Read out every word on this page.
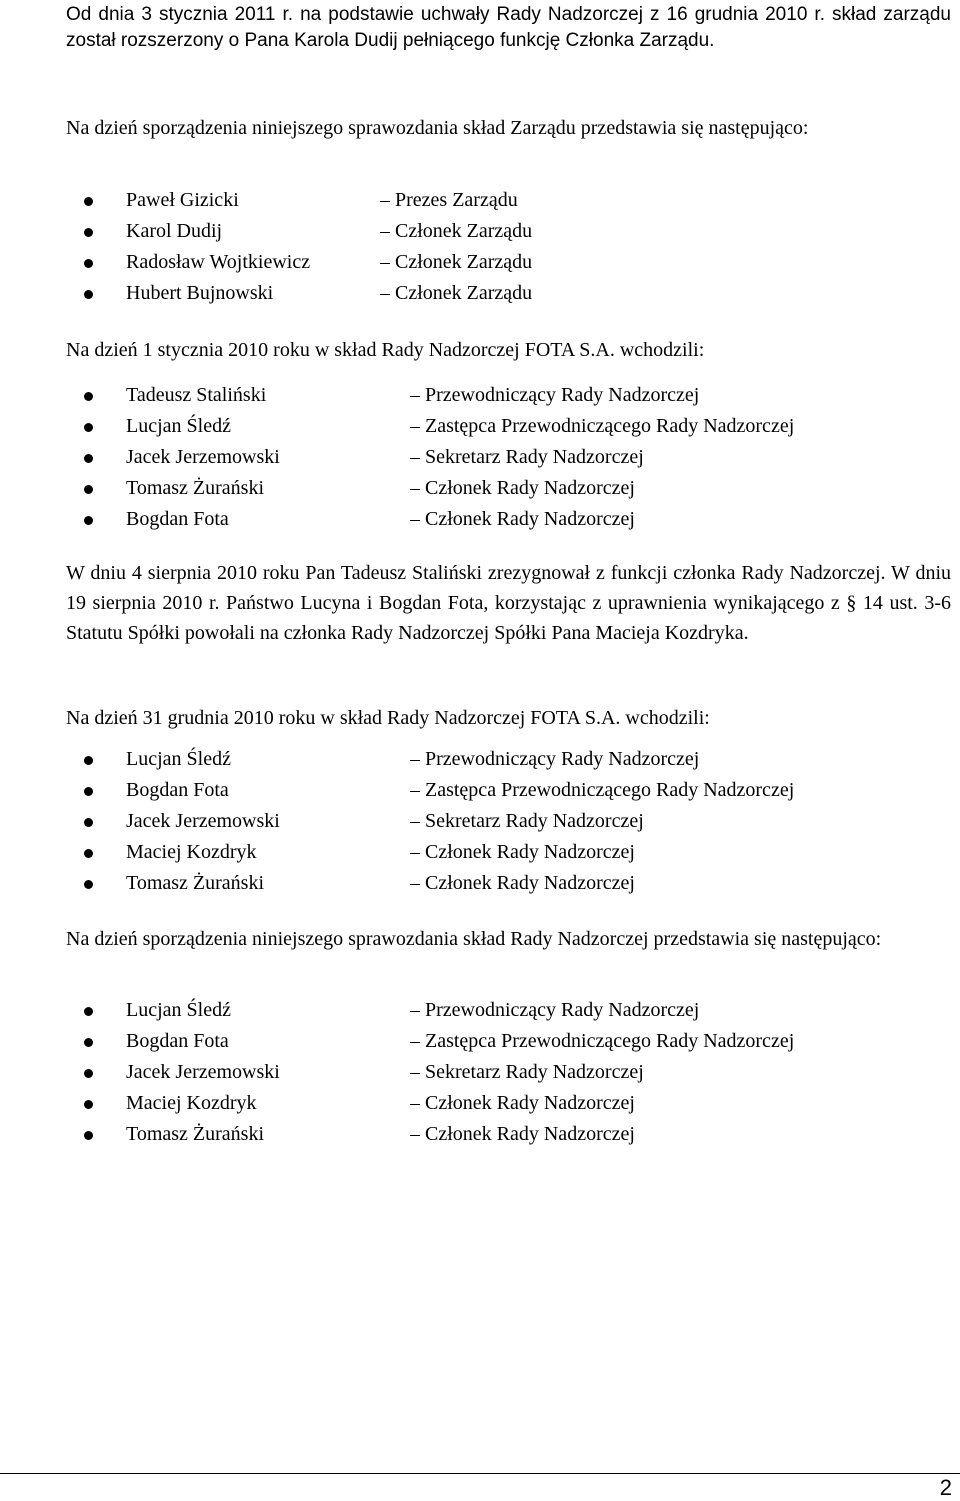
Od dnia 3 stycznia 2011 r. na podstawie uchwały Rady Nadzorczej z 16 grudnia 2010 r. skład zarządu został rozszerzony o Pana Karola Dudij pełniącego funkcję Członka Zarządu.

Na dzień sporządzenia niniejszego sprawozdania skład Zarządu przedstawia się następująco:

Paweł Gizicki	– Prezes Zarządu
Karol Dudij	– Członek Zarządu
Radosław Wojtkiewicz	– Członek Zarządu
Hubert Bujnowski	– Członek Zarządu

Na dzień 1 stycznia 2010 roku w skład Rady Nadzorczej FOTA S.A. wchodzili:

Tadeusz Staliński	– Przewodniczący Rady Nadzorczej
Lucjan Śledź	– Zastępca Przewodniczącego Rady Nadzorczej
Jacek Jerzemowski	– Sekretarz Rady Nadzorczej
Tomasz Żurański	– Członek Rady Nadzorczej
Bogdan Fota	– Członek Rady Nadzorczej

W dniu 4 sierpnia 2010 roku Pan Tadeusz Staliński zrezygnował z funkcji członka Rady Nadzorczej. W dniu 19 sierpnia 2010 r. Państwo Lucyna i Bogdan Fota, korzystając z uprawnienia wynikającego z § 14 ust. 3-6 Statutu Spółki powołali na członka Rady Nadzorczej Spółki Pana Macieja Kozdryka.

Na dzień 31 grudnia 2010 roku w skład Rady Nadzorczej FOTA S.A. wchodzili:

Lucjan Śledź	– Przewodniczący Rady Nadzorczej
Bogdan Fota	– Zastępca Przewodniczącego Rady Nadzorczej
Jacek Jerzemowski	– Sekretarz Rady Nadzorczej
Maciej Kozdryk	– Członek Rady Nadzorczej
Tomasz Żurański	– Członek Rady Nadzorczej

Na dzień sporządzenia niniejszego sprawozdania skład Rady Nadzorczej przedstawia się następująco:

Lucjan Śledź	– Przewodniczący Rady Nadzorczej
Bogdan Fota	– Zastępca Przewodniczącego Rady Nadzorczej
Jacek Jerzemowski	– Sekretarz Rady Nadzorczej
Maciej Kozdryk	– Członek Rady Nadzorczej
Tomasz Żurański	– Członek Rady Nadzorczej
2
